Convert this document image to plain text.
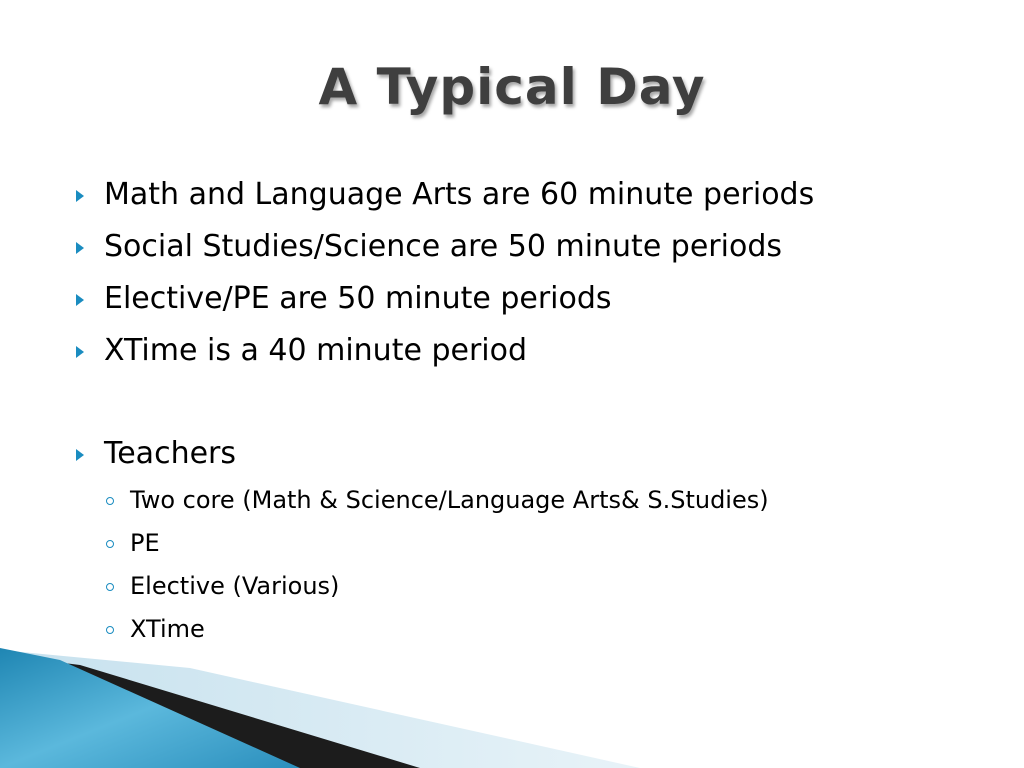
A Typical Day
Math and Language Arts are 60 minute periods
Social Studies/Science are 50 minute periods
Elective/PE are 50 minute periods
XTime is a 40 minute period
Teachers
Two core (Math & Science/Language Arts& S.Studies)
PE
Elective (Various)
XTime
